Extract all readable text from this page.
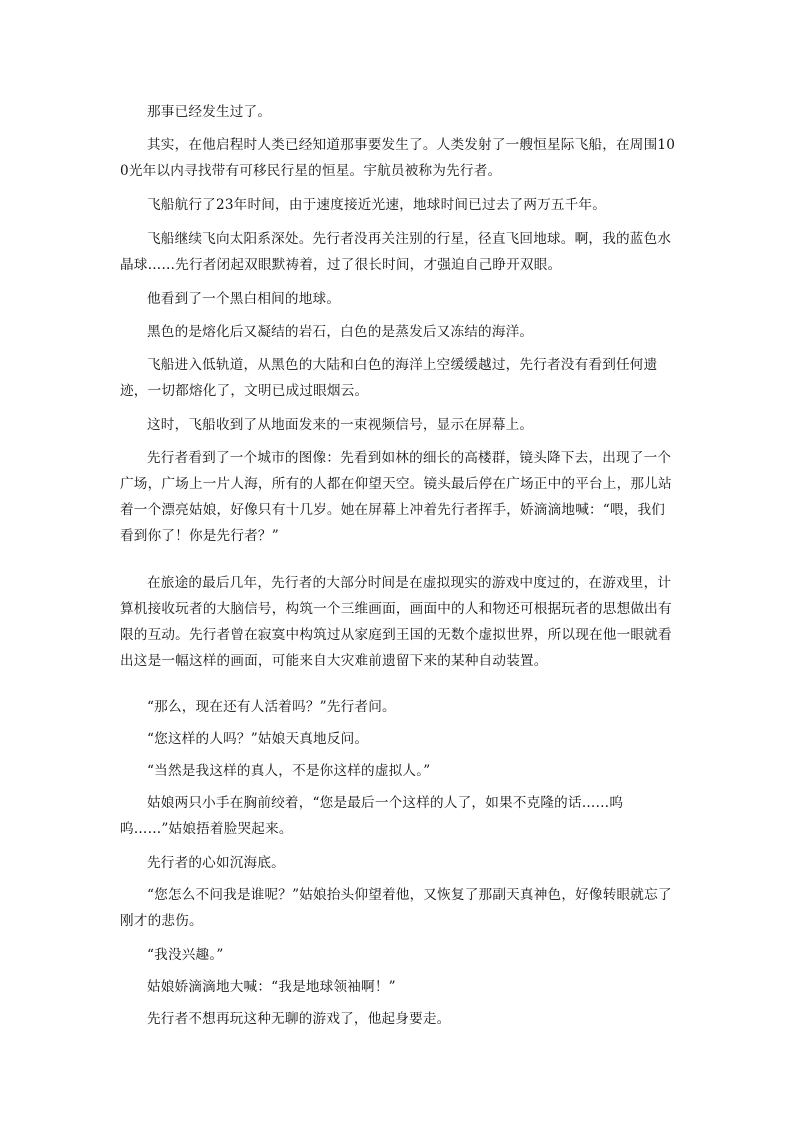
那事已经发生过了。

其实，在他启程时人类已经知道那事要发生了。人类发射了一艘恒星际飞船，在周围100光年以内寻找带有可移民行星的恒星。宇航员被称为先行者。

飞船航行了23年时间，由于速度接近光速，地球时间已过去了两万五千年。

飞船继续飞向太阳系深处。先行者没再关注别的行星，径直飞回地球。啊，我的蓝色水晶球……先行者闭起双眼默祷着，过了很长时间，才强迫自己睁开双眼。

他看到了一个黑白相间的地球。

黑色的是熔化后又凝结的岩石，白色的是蒸发后又冻结的海洋。

飞船进入低轨道，从黑色的大陆和白色的海洋上空缓缓越过，先行者没有看到任何遗迹，一切都熔化了，文明已成过眼烟云。

这时，飞船收到了从地面发来的一束视频信号，显示在屏幕上。

先行者看到了一个城市的图像：先看到如林的细长的高楼群，镜头降下去，出现了一个广场，广场上一片人海，所有的人都在仰望天空。镜头最后停在广场正中的平台上，那儿站着一个漂亮姑娘，好像只有十几岁。她在屏幕上冲着先行者挥手，娇滴滴地喊：“喂，我们看到你了！你是先行者？”

在旅途的最后几年，先行者的大部分时间是在虚拟现实的游戏中度过的，在游戏里，计算机接收玩者的大脑信号，构筑一个三维画面，画面中的人和物还可根据玩者的思想做出有限的互动。先行者曾在寂寞中构筑过从家庭到王国的无数个虚拟世界，所以现在他一眼就看出这是一幅这样的画面，可能来自大灾难前遗留下来的某种自动装置。

“那么，现在还有人活着吗？”先行者问。

“您这样的人吗？”姑娘天真地反问。

“当然是我这样的真人，不是你这样的虚拟人。”

姑娘两只小手在胸前绞着，“您是最后一个这样的人了，如果不克隆的话……呜呜……”姑娘捂着脸哭起来。

先行者的心如沉海底。

“您怎么不问我是谁呢？”姑娘抬头仰望着他，又恢复了那副天真神色，好像转眼就忘了刚才的悲伤。

“我没兴趣。”

姑娘娇滴滴地大喊：“我是地球领袖啊！”

先行者不想再玩这种无聊的游戏了，他起身要走。
